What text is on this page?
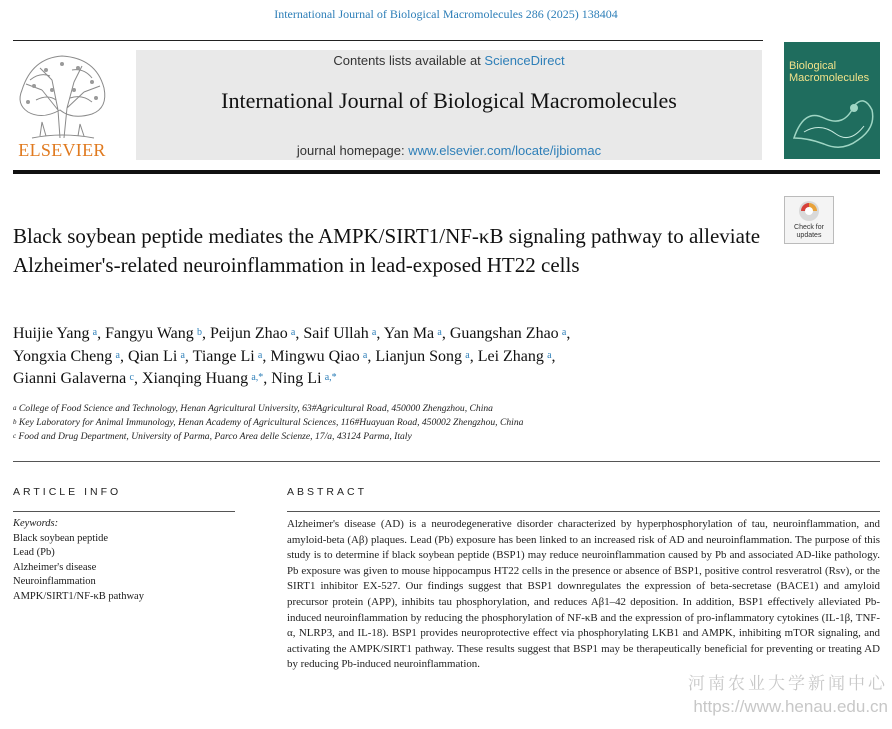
International Journal of Biological Macromolecules 286 (2025) 138404
ELSEVIER
Contents lists available at ScienceDirect
International Journal of Biological Macromolecules
journal homepage: www.elsevier.com/locate/ijbiomac
Biological Macromolecules
Check for
updates
Black soybean peptide mediates the AMPK/SIRT1/NF-κB signaling pathway to alleviate Alzheimer's-related neuroinflammation in lead-exposed HT22 cells
Huijie Yang  $^a$, Fangyu Wang  $^b$, Peijun Zhao  $^a$, Saif Ullah  $^a$, Yan Ma  $^a$, Guangshan Zhao  $^a$,
Yongxia Cheng  $^a$, Qian Li  $^a$, Tiange Li  $^a$, Mingwu Qiao  $^a$, Lianjun Song  $^a$, Lei Zhang  $^a$,
Gianni Galaverna  $^c$, Xianqing Huang  $^{a,*}$, Ning Li  $^{a,*}$
$^a$ College of Food Science and Technology, Henan Agricultural University, 63#Agricultural Road, 450000 Zhengzhou, China
$^b$ Key Laboratory for Animal Immunology, Henan Academy of Agricultural Sciences, 116#Huayuan Road, 450002 Zhengzhou, China
$^c$ Food and Drug Department, University of Parma, Parco Area delle Scienze, 17/a, 43124 Parma, Italy
ARTICLE INFO	ABSTRACT
Keywords:
Black soybean peptide
Lead (Pb)
Alzheimer's disease
Neuroinflammation
AMPK/SIRT1/NF-κB pathway
Alzheimer's disease (AD) is a neurodegenerative disorder characterized by hyperphosphorylation of tau, neuroinflammation, and amyloid-beta (Aβ) plaques. Lead (Pb) exposure has been linked to an increased risk of AD and neuroinflammation. The purpose of this study is to determine if black soybean peptide (BSP1) may reduce neuroinflammation caused by Pb and associated AD-like pathology. Pb exposure was given to mouse hippocampus HT22 cells in the presence or absence of BSP1, positive control resveratrol (Rsv), or the SIRT1 inhibitor EX-527. Our findings suggest that BSP1 downregulates the expression of beta-secretase (BACE1) and amyloid precursor protein (APP), inhibits tau phosphorylation, and reduces Aβ1–42 deposition. In addition, BSP1 effectively alleviated Pb-induced neuroinflammation by reducing the phosphorylation of NF-κB and the expression of pro-inflammatory cytokines (IL-1β, TNF-α, NLRP3, and IL-18). BSP1 provides neuroprotective effect via phosphorylating LKB1 and AMPK, inhibiting mTOR signaling, and activating the AMPK/SIRT1 pathway. These results suggest that BSP1 may be therapeutically beneficial for preventing or treating AD by reducing Pb-induced neuroinflammation.
河南农业大学新闻中心
https://www.henau.edu.cn
